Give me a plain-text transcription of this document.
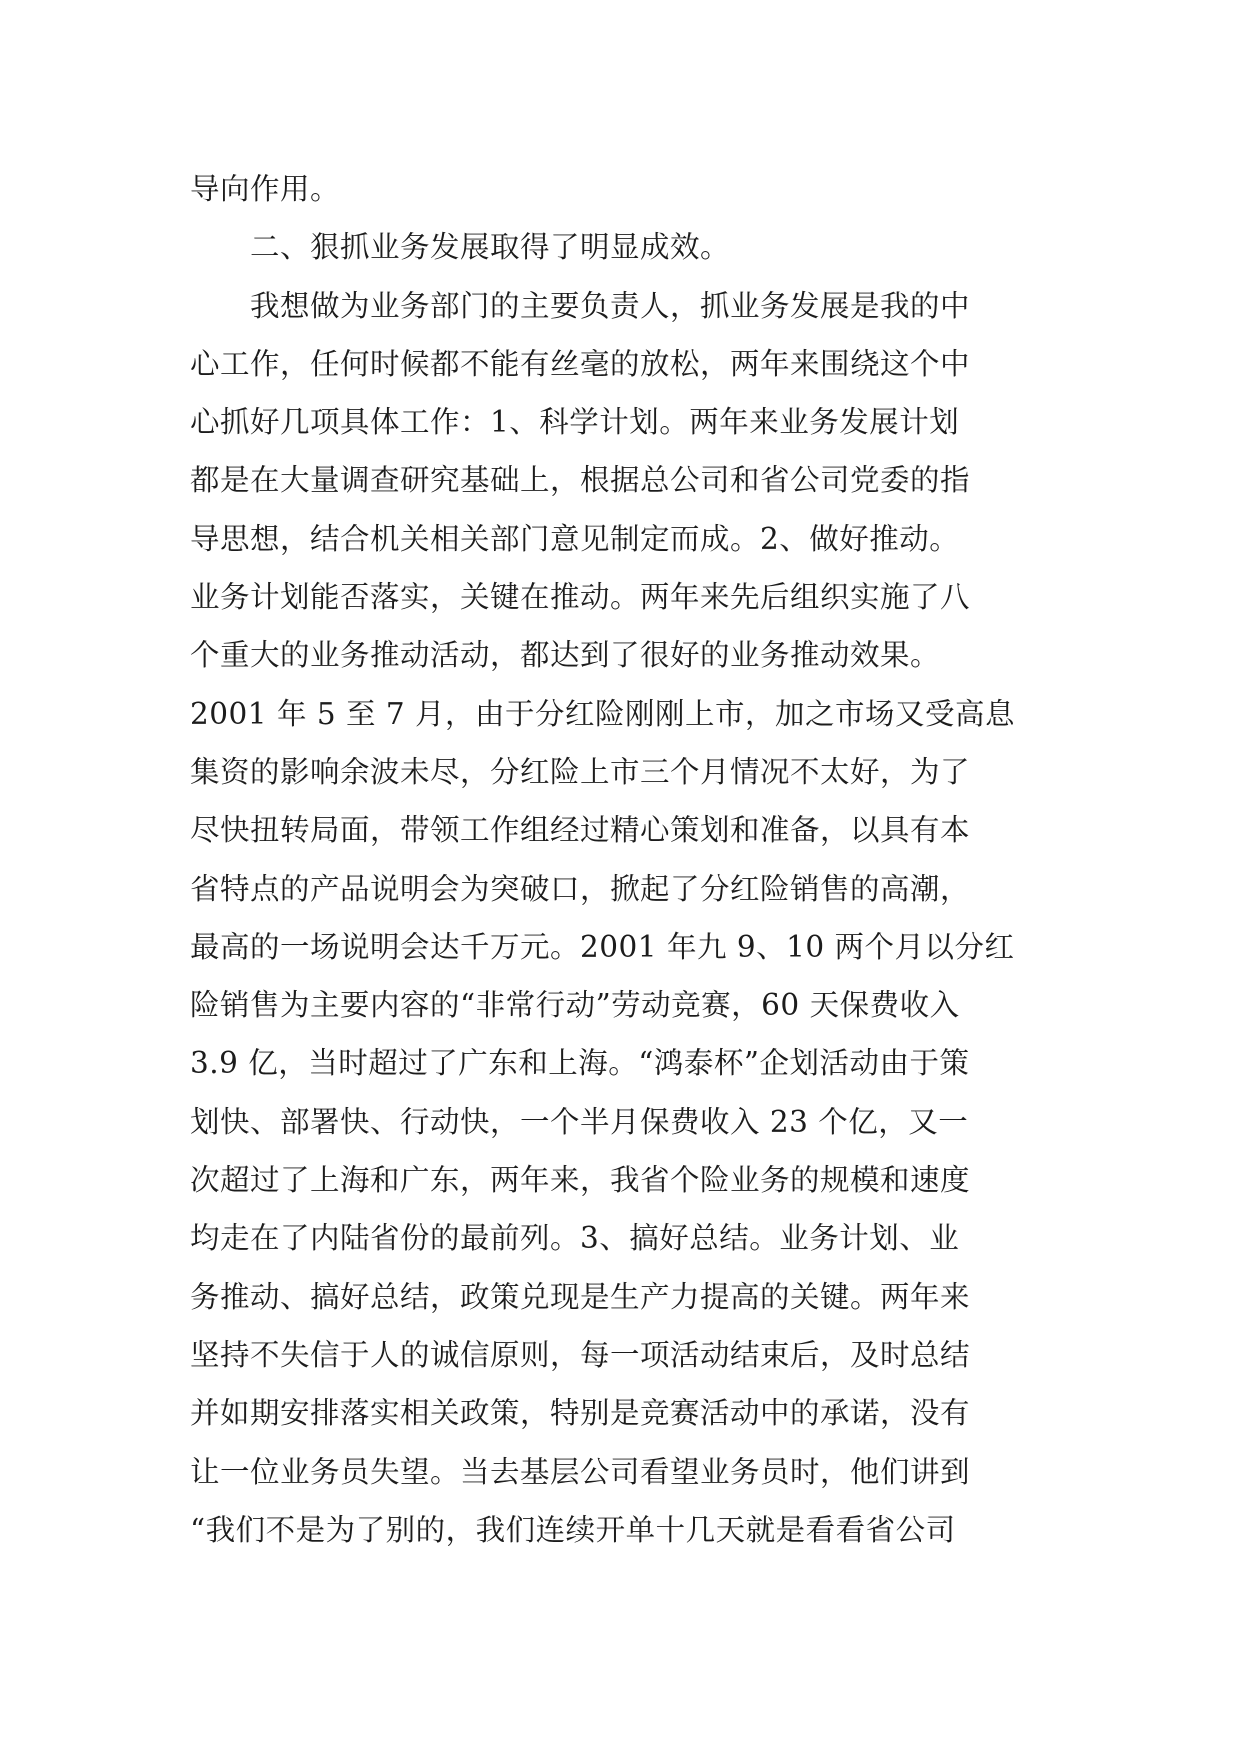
导向作用。
　　二、狠抓业务发展取得了明显成效。
　　我想做为业务部门的主要负责人，抓业务发展是我的中
心工作，任何时候都不能有丝毫的放松，两年来围绕这个中
心抓好几项具体工作：1、科学计划。两年来业务发展计划
都是在大量调查研究基础上，根据总公司和省公司党委的指
导思想，结合机关相关部门意见制定而成。2、做好推动。
业务计划能否落实，关键在推动。两年来先后组织实施了八
个重大的业务推动活动，都达到了很好的业务推动效果。
2001 年 5 至 7 月，由于分红险刚刚上市，加之市场又受高息
集资的影响余波未尽，分红险上市三个月情况不太好，为了
尽快扭转局面，带领工作组经过精心策划和准备，以具有本
省特点的产品说明会为突破口，掀起了分红险销售的高潮，
最高的一场说明会达千万元。2001 年九 9、10 两个月以分红
险销售为主要内容的“非常行动”劳动竞赛，60 天保费收入
3.9 亿，当时超过了广东和上海。“鸿泰杯”企划活动由于策
划快、部署快、行动快，一个半月保费收入 23 个亿，又一
次超过了上海和广东，两年来，我省个险业务的规模和速度
均走在了内陆省份的最前列。3、搞好总结。业务计划、业
务推动、搞好总结，政策兑现是生产力提高的关键。两年来
坚持不失信于人的诚信原则，每一项活动结束后，及时总结
并如期安排落实相关政策，特别是竞赛活动中的承诺，没有
让一位业务员失望。当去基层公司看望业务员时，他们讲到
“我们不是为了别的，我们连续开单十几天就是看看省公司
